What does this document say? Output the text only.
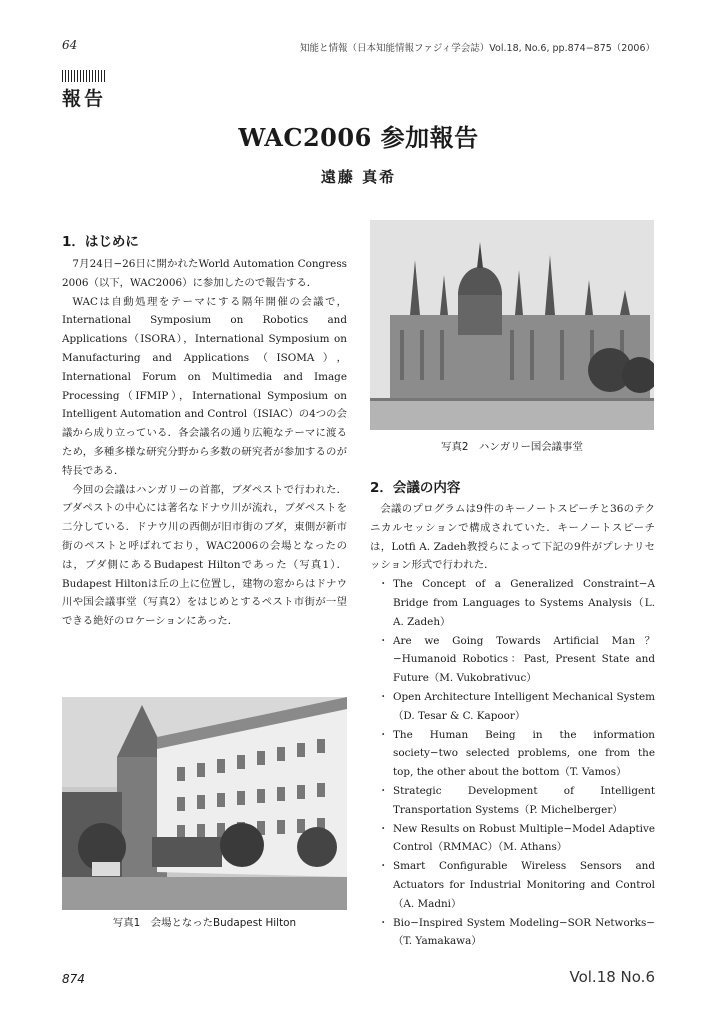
64	知能と情報（日本知能情報ファジィ学会誌）Vol.18, No.6, pp.874−875（2006）
報告
WAC2006 参加報告
遠藤 真希
1．はじめに

7月24日−26日に開かれたWorld Automation Congress 2006（以下，WAC2006）に参加したので報告する．

WACは自動処理をテーマにする隔年開催の会議で，International Symposium on Robotics and Applications（ISORA），International Symposium on Manufacturing and Applications（ISOMA），International Forum on Multimedia and Image Processing（IFMIP），International Symposium on Intelligent Automation and Control（ISIAC）の4つの会議から成り立っている．各会議名の通り広範なテーマに渡るため，多種多様な研究分野から多数の研究者が参加するのが特長である．

今回の会議はハンガリーの首都，ブダペストで行われた．ブダペストの中心には著名なドナウ川が流れ，ブダペストを二分している．ドナウ川の西側が旧市街のブダ，東側が新市街のペストと呼ばれており，WAC2006の会場となったのは，ブダ側にあるBudapest Hiltonであった（写真1）．Budapest Hiltonは丘の上に位置し，建物の窓からはドナウ川や国会議事堂（写真2）をはじめとするペスト市街が一望できる絶好のロケーションにあった．

写真1　会場となったBudapest Hilton
写真2　ハンガリー国会議事堂
2．会議の内容

会議のプログラムは9件のキーノートスピーチと36のテクニカルセッションで構成されていた．キーノートスピーチは，Lotfi A. Zadeh教授らによって下記の9件がプレナリセッション形式で行われた．

・ The Concept of a Generalized Constraint−A Bridge from Languages to Systems Analysis（L. A. Zadeh）
・ Are we Going Towards Artificial Man？−Humanoid Robotics：Past, Present State and Future（M. Vukobrativuc）
・ Open Architecture Intelligent Mechanical System（D. Tesar & C. Kapoor）
・ The Human Being in the information society−two selected problems, one from the top, the other about the bottom（T. Vamos）
・ Strategic Development of Intelligent Transportation Systems（P. Michelberger）
・ New Results on Robust Multiple−Model Adaptive Control（RMMAC）（M. Athans）
・ Smart Configurable Wireless Sensors and Actuators for Industrial Monitoring and Control（A. Madni）
・ Bio−Inspired System Modeling−SOR Networks−（T. Yamakawa）
874	Vol.18 No.6
